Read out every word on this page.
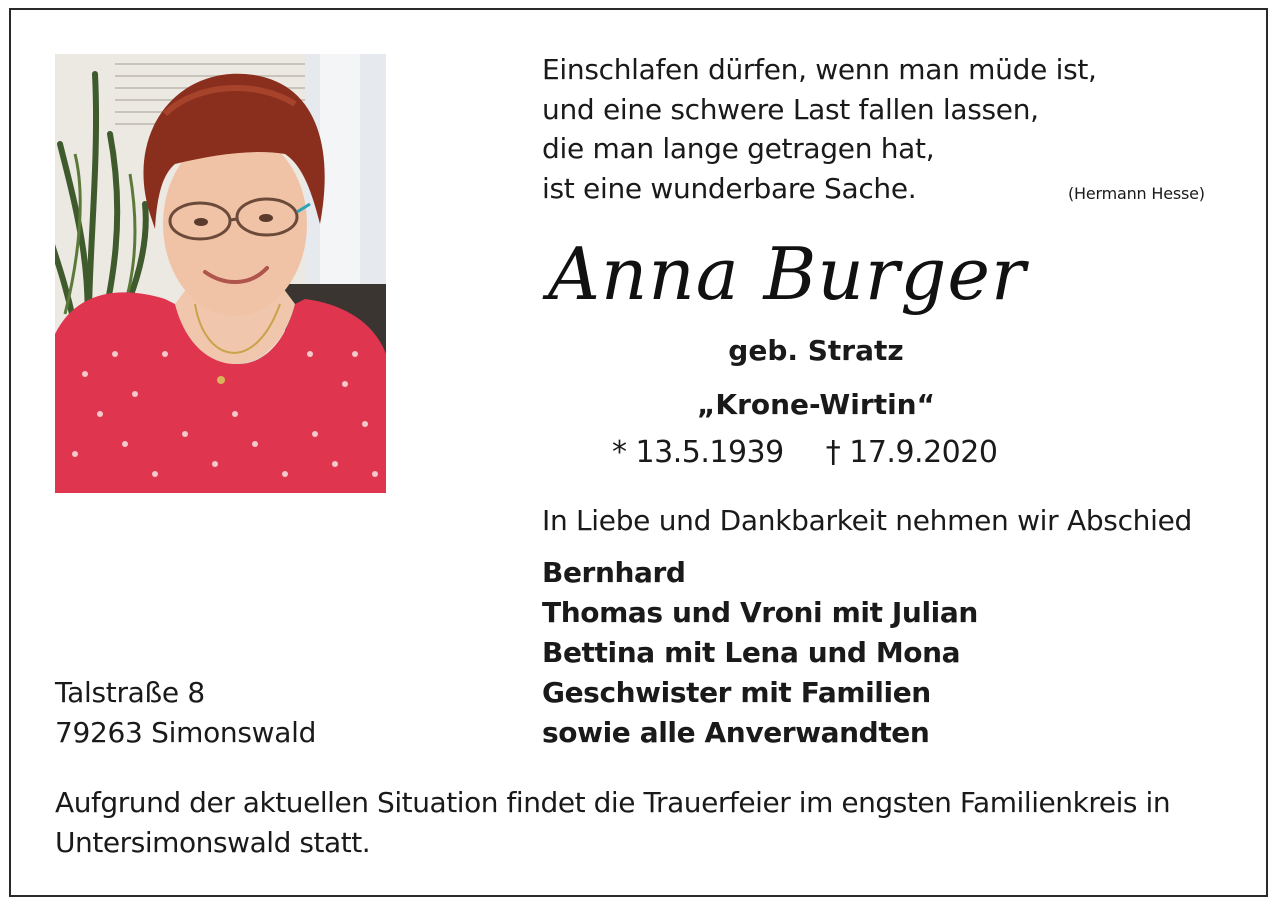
Einschlafen dürfen, wenn man müde ist,
und eine schwere Last fallen lassen,
die man lange getragen hat,
ist eine wunderbare Sache.	(Hermann Hesse)
Anna Burger
geb. Stratz
„Krone-Wirtin“
* 13.5.1939 † 17.9.2020
In Liebe und Dankbarkeit nehmen wir Abschied
Bernhard
Thomas und Vroni mit Julian
Bettina mit Lena und Mona
Geschwister mit Familien
sowie alle Anverwandten
Talstraße 8
79263 Simonswald
Aufgrund der aktuellen Situation findet die Trauerfeier im engsten Familienkreis in Untersimonswald statt.
